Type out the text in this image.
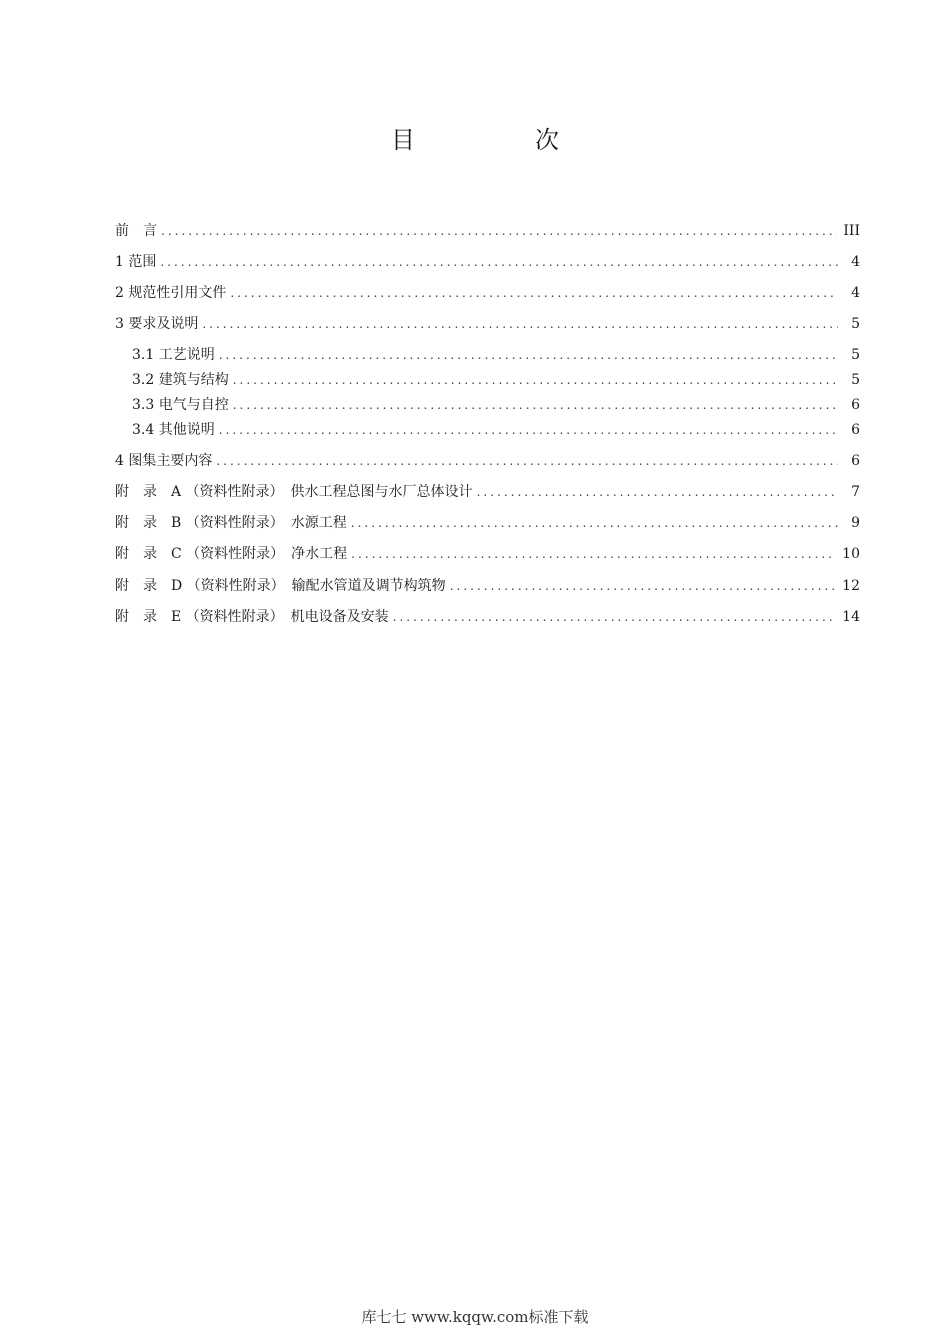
目　次
前　言 .....	III
1 范围 .....	4
2 规范性引用文件 .....	4
3 要求及说明 .....	5
3.1 工艺说明 .....	5
3.2 建筑与结构 .....	5
3.3 电气与自控 .....	6
3.4 其他说明 .....	6
4 图集主要内容 .....	6
附　录　A （资料性附录）　供水工程总图与水厂总体设计 .....	7
附　录　B （资料性附录）　水源工程 .....	9
附　录　C （资料性附录）　净水工程 .....	10
附　录　D （资料性附录）　输配水管道及调节构筑物 .....	12
附　录　E （资料性附录）　机电设备及安装 .....	14
库七七 www.kqqw.com标准下载
